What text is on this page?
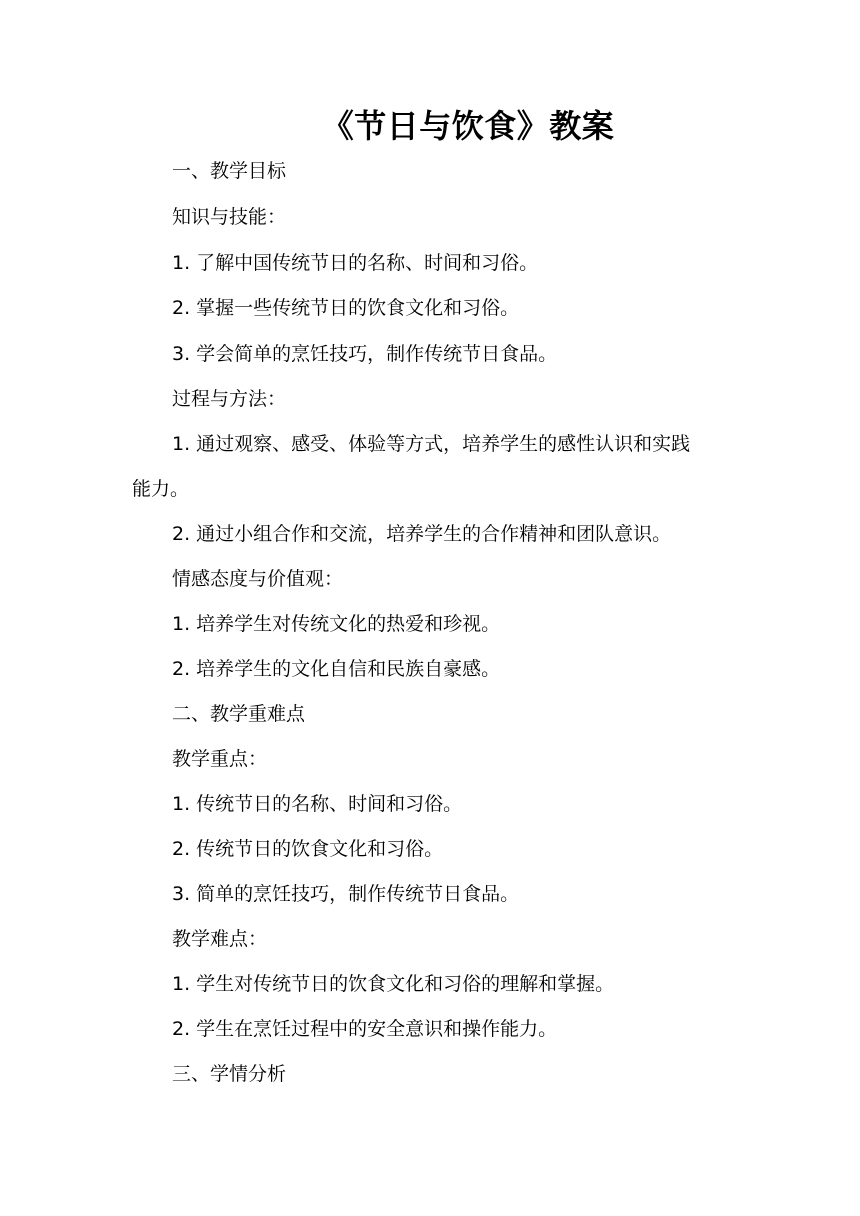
《节日与饮食》教案
一、教学目标
知识与技能：
1. 了解中国传统节日的名称、时间和习俗。
2. 掌握一些传统节日的饮食文化和习俗。
3. 学会简单的烹饪技巧，制作传统节日食品。
过程与方法：
1. 通过观察、感受、体验等方式，培养学生的感性认识和实践
能力。
2. 通过小组合作和交流，培养学生的合作精神和团队意识。
情感态度与价值观：
1. 培养学生对传统文化的热爱和珍视。
2. 培养学生的文化自信和民族自豪感。
二、教学重难点
教学重点：
1. 传统节日的名称、时间和习俗。
2. 传统节日的饮食文化和习俗。
3. 简单的烹饪技巧，制作传统节日食品。
教学难点：
1. 学生对传统节日的饮食文化和习俗的理解和掌握。
2. 学生在烹饪过程中的安全意识和操作能力。
三、学情分析
